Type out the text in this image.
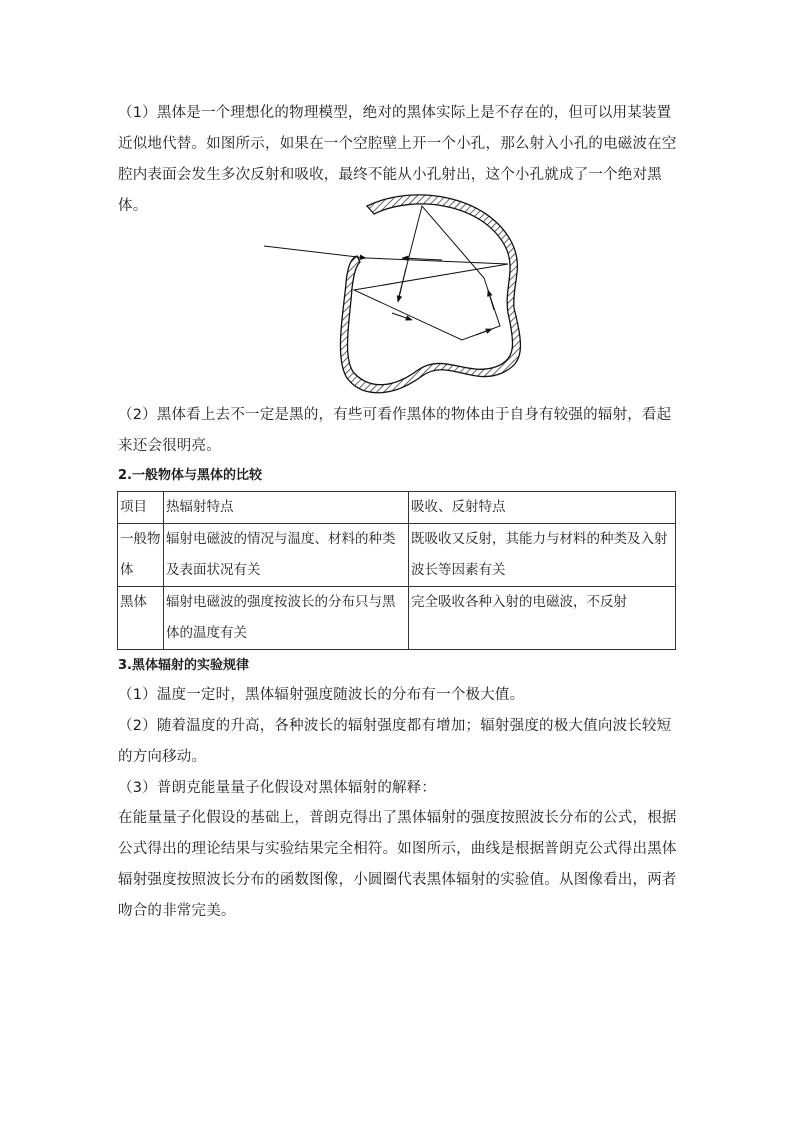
（1）黑体是一个理想化的物理模型，绝对的黑体实际上是不存在的，但可以用某装置近似地代替。如图所示，如果在一个空腔壁上开一个小孔，那么射入小孔的电磁波在空腔内表面会发生多次反射和吸收，最终不能从小孔射出，这个小孔就成了一个绝对黑体。

（2）黑体看上去不一定是黑的，有些可看作黑体的物体由于自身有较强的辐射，看起来还会很明亮。

2.一般物体与黑体的比较

项目	热辐射特点	吸收、反射特点
一般物体	辐射电磁波的情况与温度、材料的种类及表面状况有关	既吸收又反射，其能力与材料的种类及入射波长等因素有关
黑体	辐射电磁波的强度按波长的分布只与黑体的温度有关	完全吸收各种入射的电磁波，不反射

3.黑体辐射的实验规律

（1）温度一定时，黑体辐射强度随波长的分布有一个极大值。

（2）随着温度的升高，各种波长的辐射强度都有增加；辐射强度的极大值向波长较短的方向移动。

（3）普朗克能量量子化假设对黑体辐射的解释：

在能量量子化假设的基础上，普朗克得出了黑体辐射的强度按照波长分布的公式，根据公式得出的理论结果与实验结果完全相符。如图所示，曲线是根据普朗克公式得出黑体辐射强度按照波长分布的函数图像，小圆圈代表黑体辐射的实验值。从图像看出，两者吻合的非常完美。
